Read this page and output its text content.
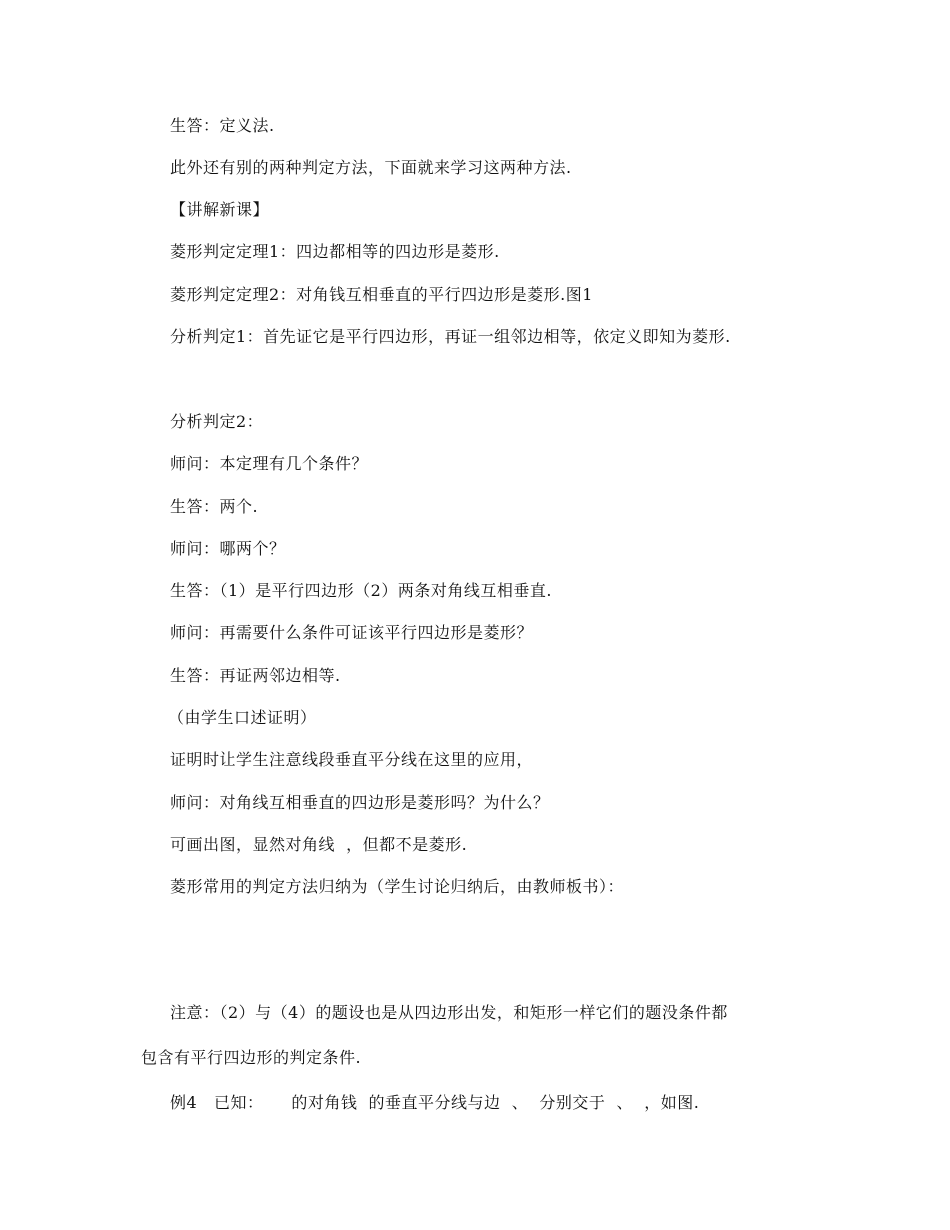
生答：定义法.
此外还有别的两种判定方法，下面就来学习这两种方法.
【讲解新课】
菱形判定定理1：四边都相等的四边形是菱形.
菱形判定定理2：对角钱互相垂直的平行四边形是菱形.图1
分析判定1：首先证它是平行四边形，再证一组邻边相等，依定义即知为菱形.
分析判定2：
师问：本定理有几个条件？
生答：两个.
师问：哪两个？
生答：（1）是平行四边形（2）两条对角线互相垂直.
师问：再需要什么条件可证该平行四边形是菱形？
生答：再证两邻边相等.
（由学生口述证明）
证明时让学生注意线段垂直平分线在这里的应用，
师问：对角线互相垂直的四边形是菱形吗？为什么？
可画出图，显然对角线  ，但都不是菱形.
菱形常用的判定方法归纳为（学生讨论归纳后，由教师板书）：
注意：（2）与（4）的题设也是从四边形出发，和矩形一样它们的题没条件都
包含有平行四边形的判定条件.
例4   已知：     的对角钱  的垂直平分线与边  、  分别交于  、  ，如图.
